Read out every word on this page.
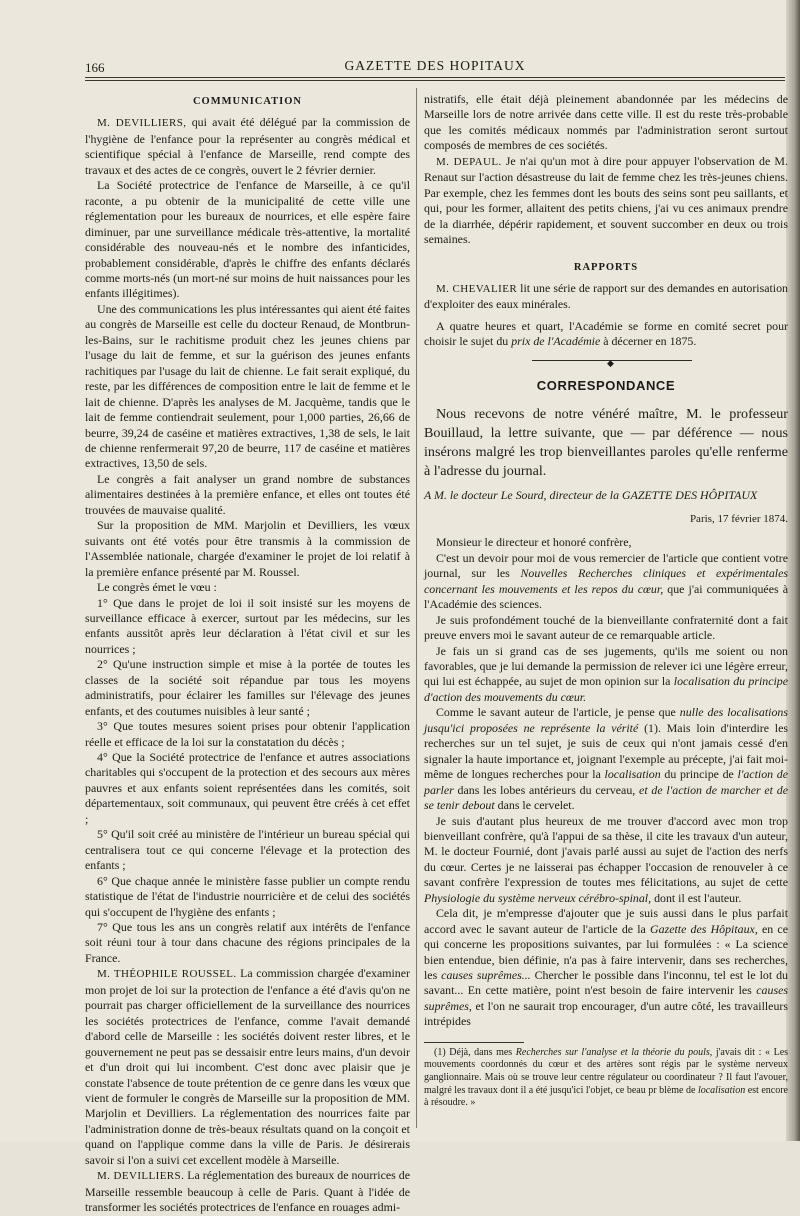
166	GAZETTE DES HOPITAUX
COMMUNICATION

M. DEVILLIERS, qui avait été délégué par la commission de l'hygiène de l'enfance pour la représenter au congrès médical et scientifique spécial à l'enfance de Marseille, rend compte des travaux et des actes de ce congrès, ouvert le 2 février dernier.

La Société protectrice de l'enfance de Marseille, à ce qu'il raconte, a pu obtenir de la municipalité de cette ville une réglementation pour les bureaux de nourrices, et elle espère faire diminuer, par une surveillance médicale très-attentive, la mortalité considérable des nouveau-nés et le nombre des infanticides, probablement considérable, d'après le chiffre des enfants déclarés comme morts-nés (un mort-né sur moins de huit naissances pour les enfants illégitimes).

Une des communications les plus intéressantes qui aient été faites au congrès de Marseille est celle du docteur Renaud, de Montbrun-les-Bains, sur le rachitisme produit chez les jeunes chiens par l'usage du lait de femme, et sur la guérison des jeunes enfants rachitiques par l'usage du lait de chienne. Le fait serait expliqué, du reste, par les différences de composition entre le lait de femme et le lait de chienne. D'après les analyses de M. Jacquème, tandis que le lait de femme contiendrait seulement, pour 1,000 parties, 26,66 de beurre, 39,24 de caséine et matières extractives, 1,38 de sels, le lait de chienne renfermerait 97,20 de beurre, 117 de caséine et matières extractives, 13,50 de sels.

Le congrès a fait analyser un grand nombre de substances alimentaires destinées à la première enfance, et elles ont toutes été trouvées de mauvaise qualité.

Sur la proposition de MM. Marjolin et Devilliers, les vœux suivants ont été votés pour être transmis à la commission de l'Assemblée nationale, chargée d'examiner le projet de loi relatif à la première enfance présenté par M. Roussel.

Le congrès émet le vœu :

1° Que dans le projet de loi il soit insisté sur les moyens de surveillance efficace à exercer, surtout par les médecins, sur les enfants aussitôt après leur déclaration à l'état civil et sur les nourrices ;

2° Qu'une instruction simple et mise à la portée de toutes les classes de la société soit répandue par tous les moyens administratifs, pour éclairer les familles sur l'élevage des jeunes enfants, et des coutumes nuisibles à leur santé ;

3° Que toutes mesures soient prises pour obtenir l'application réelle et efficace de la loi sur la constatation du décès ;

4° Que la Société protectrice de l'enfance et autres associations charitables qui s'occupent de la protection et des secours aux mères pauvres et aux enfants soient représentées dans les comités, soit départementaux, soit communaux, qui peuvent être créés à cet effet ;

5° Qu'il soit créé au ministère de l'intérieur un bureau spécial qui centralisera tout ce qui concerne l'élevage et la protection des enfants ;

6° Que chaque année le ministère fasse publier un compte rendu statistique de l'état de l'industrie nourricière et de celui des sociétés qui s'occupent de l'hygiène des enfants ;

7° Que tous les ans un congrès relatif aux intérêts de l'enfance soit réuni tour à tour dans chacune des régions principales de la France.

M. THÉOPHILE ROUSSEL. La commission chargée d'examiner mon projet de loi sur la protection de l'enfance a été d'avis qu'on ne pourrait pas charger officiellement de la surveillance des nourrices les sociétés protectrices de l'enfance, comme l'avait demandé d'abord celle de Marseille : les sociétés doivent rester libres, et le gouvernement ne peut pas se dessaisir entre leurs mains, d'un devoir et d'un droit qui lui incombent. C'est donc avec plaisir que je constate l'absence de toute prétention de ce genre dans les vœux que vient de formuler le congrès de Marseille sur la proposition de MM. Marjolin et Devilliers. La réglementation des nourrices faite par l'administration donne de très-beaux résultats quand on la conçoit et quand on l'applique comme dans la ville de Paris. Je désirerais savoir si l'on a suivi cet excellent modèle à Marseille.

M. DEVILLIERS. La réglementation des bureaux de nourrices de Marseille ressemble beaucoup à celle de Paris. Quant à l'idée de transformer les sociétés protectrices de l'enfance en rouages admi-

nistratifs, elle était déjà pleinement abandonnée par les médecins de Marseille lors de notre arrivée dans cette ville. Il est du reste très-probable que les comités médicaux nommés par l'administration seront surtout composés de membres de ces sociétés.

M. DEPAUL. Je n'ai qu'un mot à dire pour appuyer l'observation de M. Renaut sur l'action désastreuse du lait de femme chez les très-jeunes chiens. Par exemple, chez les femmes dont les bouts des seins sont peu saillants, et qui, pour les former, allaitent des petits chiens, j'ai vu ces animaux prendre de la diarrhée, dépérir rapidement, et souvent succomber en deux ou trois semaines.

RAPPORTS

M. CHEVALIER lit une série de rapport sur des demandes en autorisation d'exploiter des eaux minérales.

A quatre heures et quart, l'Académie se forme en comité secret pour choisir le sujet du prix de l'Académie à décerner en 1875.

◆
CORRESPONDANCE

Nous recevons de notre vénéré maître, M. le professeur Bouillaud, la lettre suivante, que — par déférence — nous insérons malgré les trop bienveillantes paroles qu'elle renferme à l'adresse du journal.

A M. le docteur Le Sourd, directeur de la GAZETTE DES HÔPITAUX

Paris, 17 février 1874.

Monsieur le directeur et honoré confrère,

C'est un devoir pour moi de vous remercier de l'article que contient votre journal, sur les Nouvelles Recherches cliniques et expérimentales concernant les mouvements et les repos du cœur, que j'ai communiquées à l'Académie des sciences.

Je suis profondément touché de la bienveillante confraternité dont a fait preuve envers moi le savant auteur de ce remarquable article.

Je fais un si grand cas de ses jugements, qu'ils me soient ou non favorables, que je lui demande la permission de relever ici une légère erreur, qui lui est échappée, au sujet de mon opinion sur la localisation du principe d'action des mouvements du cœur.

Comme le savant auteur de l'article, je pense que nulle des localisations jusqu'ici proposées ne représente la vérité (1). Mais loin d'interdire les recherches sur un tel sujet, je suis de ceux qui n'ont jamais cessé d'en signaler la haute importance et, joignant l'exemple au précepte, j'ai fait moi-même de longues recherches pour la localisation du principe de l'action de parler dans les lobes antérieurs du cerveau, et de l'action de marcher et de se tenir debout dans le cervelet.

Je suis d'autant plus heureux de me trouver d'accord avec mon trop bienveillant confrère, qu'à l'appui de sa thèse, il cite les travaux d'un auteur, M. le docteur Fournié, dont j'avais parlé aussi au sujet de l'action des nerfs du cœur. Certes je ne laisserai pas échapper l'occasion de renouveler à ce savant confrère l'expression de toutes mes félicitations, au sujet de cette Physiologie du système nerveux cérébro-spinal, dont il est l'auteur.

Cela dit, je m'empresse d'ajouter que je suis aussi dans le plus parfait accord avec le savant auteur de l'article de la Gazette des Hôpitaux, en ce qui concerne les propositions suivantes, par lui formulées : « La science bien entendue, bien définie, n'a pas à faire intervenir, dans ses recherches, les causes suprêmes... Chercher le possible dans l'inconnu, tel est le lot du savant... En cette matière, point n'est besoin de faire intervenir les causes suprêmes, et l'on ne saurait trop encourager, d'un autre côté, les travailleurs intrépides

(1) Déjà, dans mes Recherches sur l'analyse et la théorie du pouls, j'avais dit : « Les mouvements coordonnés du cœur et des artères sont régis par le système nerveux ganglionnaire. Mais où se trouve leur centre régulateur ou coordinateur ? Il faut l'avouer, malgré les travaux dont il a été jusqu'ici l'objet, ce beau pr blème de localisation est encore à résoudre. »
